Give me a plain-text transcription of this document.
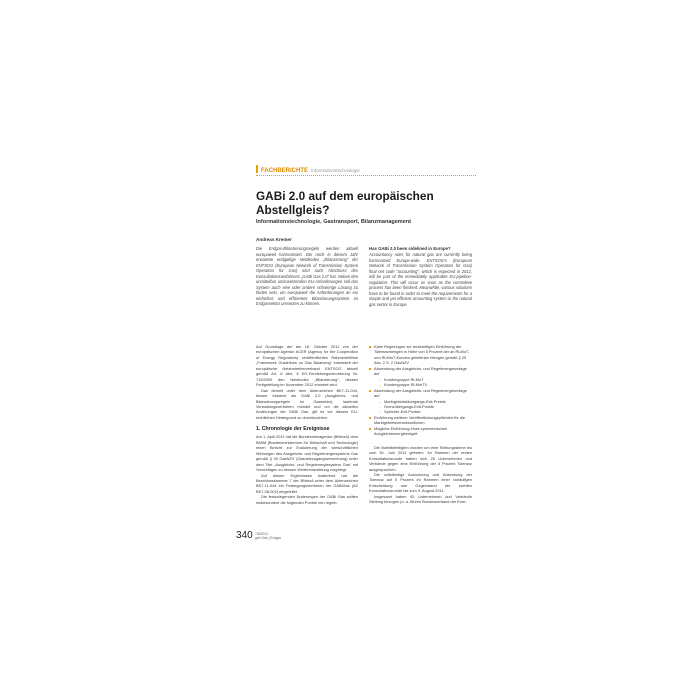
FACHBERICHTE Informationstechnologie
GABi 2.0 auf dem europäischen Abstellgleis?
Informationstechnologie, Gastransport, Bilanzmanagement
Andreas Kremer
Die Erdgas-Bilanzierungsregeln werden aktuell europaweit harmonisiert. Der noch in diesem Jahr erwartete endgültige Netzkodex „Bilanzierung“ der ENTSOG (European Network of Transmission System Operators for Gas) wird auch Abschluss des Konsultationsverfahrens „GABi Gas 2.0“ hat. Neben den unmittelbar umzusetzenden EU-Anforderungen soll das System auch eine oder andere schwierige Lösung zu finden sein, um europaweit die Anforderungen an ein einfaches und effizientes Bilanzierungssystem im Erdgassektor umsetzen zu können.
Has GABi 2.0 been sidelined in Europe?
Accountancy rules for natural gas are currently being harmonized Europe-wide. ENTSOG's (European Network of Transmission System Operators for Gas) final net code “accounting”, which is expected in 2012, will be part of the immediately applicable EU-pipeline-regulation. This will occur as soon as the committee process has been finished. Meanwhile, various solutions have to be found in order to meet the requirements for a simple and yet efficient accounting system in the natural gas sector in Europe.

Auf Grundlage der am 18. Oktober 2011 von der europäischen Agentur ACER (Agency for the Cooperation of Energy Regulators) veröffentlichten Rahmenleitlinie „Framework Guidelines on Gas Balancing“ entwickelt der europäische Netzbetreiberverband ENTSOG aktuell gemäß Art. 6 Abs. 6 EG-Fernleitungsverordnung Nr. 715/2009 den Netzkodex „Bilanzierung“, dessen Fertigstellung im November 2012 erwartet wird.

Das derzeit unter dem Aktenzeichen BK7-11-044, besser bekannt als GABi 2.0 (Ausgleichs- und Bilanzierungsregeln im Gassektor), laufende Verwaltungsverfahren mündet und um die aktuellen Änderungen der GABi Gas, gilt es vor diesem EU-rechtlichen Hintergrund zu durchleuchten.

1. Chronologie der Ereignisse

Am 1. April 2011 hat die Bundesnetzagentur (BNetzA) dem BMWi (Bundesministerium für Wirtschaft und Technologie) einen Bericht zur Evaluierung der wirtschaftlichen Wirkungen des Ausgleichs- und Regelenergiesystems Gas gemäß § 30 GasNZV (Gasnetzzugangsverordnung) unter dem Titel „Ausgleichs- und Regelenergiesystem Gas“ mit Vorschlägen zu dessen Weiterentwicklung vorgelegt.

Auf diesen Ergebnissen basierend hat die Beschlusskammer 7 der BNetzA unter dem Aktenzeichen BK7-11-044 ein Festlegungsverfahren der GABiGas (AZ BK7-08-002) eingeleitet.

Die festzulegenden Änderungen der GABi Gas sollten insbesondere die folgenden Punkte neu regeln:

Klare Regelungen zur rechtzeitigen Einführung der Toleranzmengen in Höhe von 5 Prozent der an RLMoT- und RLMmT-Kunden gelieferten Mengen gemäß § 29 Abs. 2 S. 2 GasNZV
Abwendung der Ausgleichs- und Regelenergieumlage auf
– Kundengruppe RLMoT
– Kundengruppe RLMmTV
Abwendung der Ausgleichs- und Regelenergieumlage auf
– Marktgebietsübergangs-Exit-Punkte
– Grenzübergangs-Exit-Punkte
– Speicher-Exit-Punkte
Einführung weiterer Veröffentlichungspflichten für die Marktgebietsverantwortlichen
Mögliche Einführung eines symmetrischen Ausgleichsenergieentgelt

Die Marktbeteiligten wurden um eine Stellungnahme bis zum 30. Juni 2011 gebeten. Im Rahmen der ersten Konsultationsrunde haben sich 25 Unternehmen und Verbände gegen eine Einführung der 5 Prozent Toleranz ausgesprochen.

Die vollständige Ausnutzung und Absenkung der Toleranz auf 0 Prozent im Rahmen einer vorläufigen Entscheidung war Gegenstand der zweiten Konsultationsrunde bis zum 9. August 2011.

Insgesamt haben 45 Unternehmen und Verbände Stellung bezogen (u. a. führen Bundesverband der Ener-

340 7/8/2012
gwf-Gas | Erdgas
